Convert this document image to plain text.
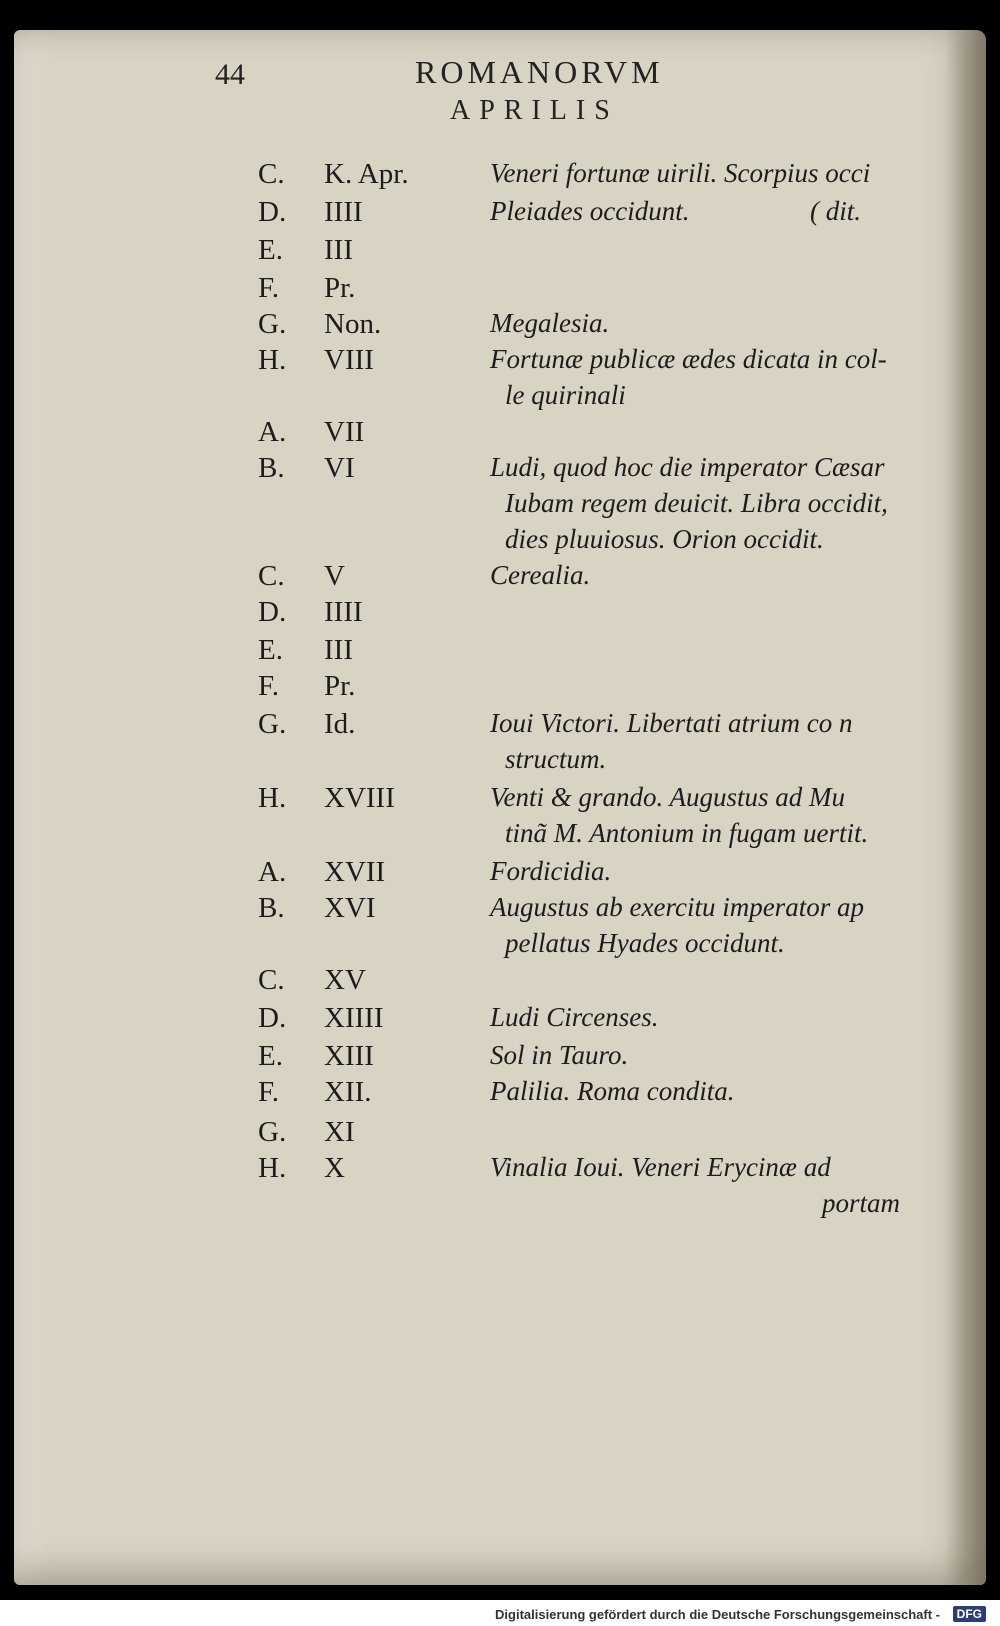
44	ROMANORVM
APRILIS
C. K. Apr.	Veneri fortunæ uirili. Scorpius occi
( dit.
D. IIII	Pleiades occidunt.
E. III
F. Pr.
G. Non.	Megalesia.
H. VIII	Fortunæ publicæ ædes dicata in col-
le quirinali
A. VII
B. VI	Ludi, quod hoc die imperator Cæsar
Iubam regem deuicit. Libra occidit,
dies pluuiosus. Orion occidit.
C. V	Cerealia.
D. IIII
E. III
F. Pr.
G. Id.	Ioui Victori. Libertati atrium co n
structum.
H. XVIII	Venti & grando. Augustus ad Mu
tinã M. Antonium in fugam uertit.
A. XVII	Fordicidia.
B. XVI	Augustus ab exercitu imperator ap
pellatus Hyades occidunt.
C. XV
D. XIIII	Ludi Circenses.
E. XIII	Sol in Tauro.
F. XII.	Palilia. Roma condita.
G. XI
H. X	Vinalia Ioui. Veneri Erycinæ ad
portam
Digitalisierung gefördert durch die Deutsche Forschungsgemeinschaft -	DFG
